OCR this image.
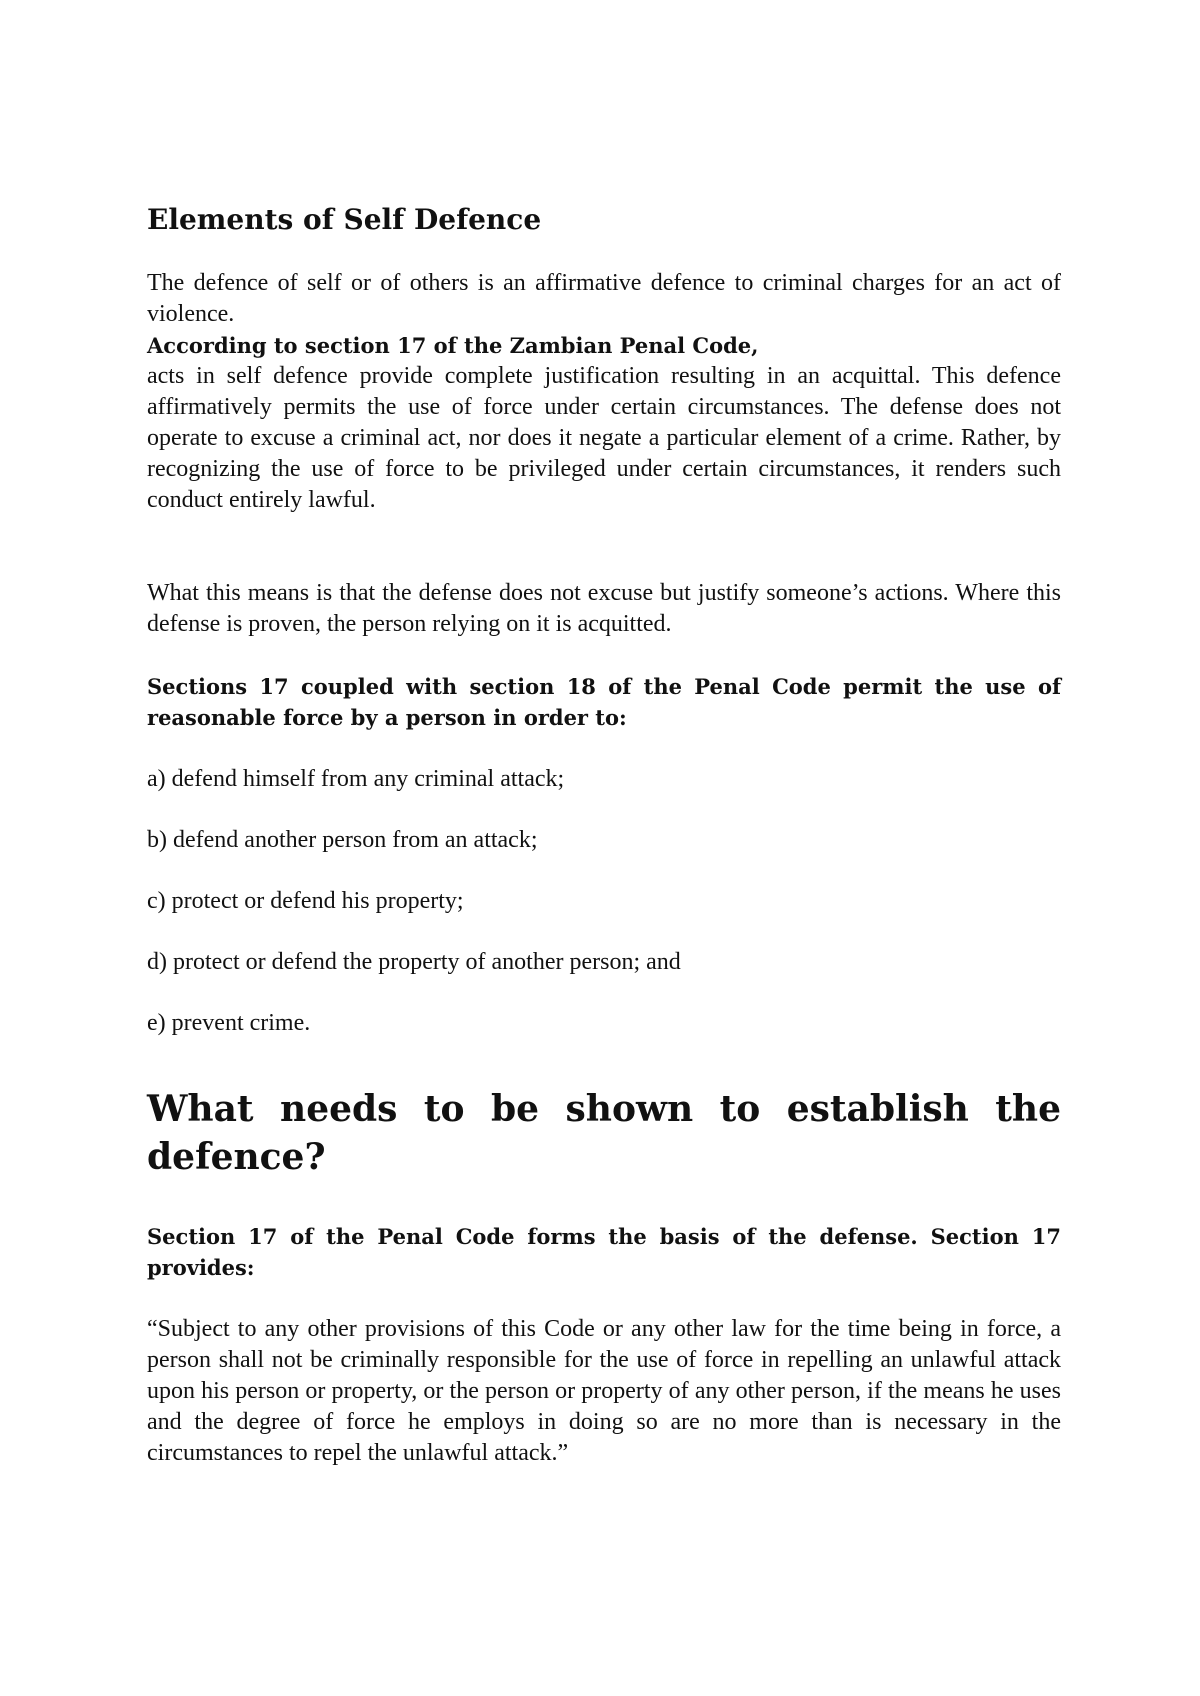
Elements of Self Defence

The defence of self or of others is an affirmative defence to criminal charges for an act of violence.

According to section 17 of the Zambian Penal Code,

acts in self defence provide complete justification resulting in an acquittal. This defence affirmatively permits the use of force under certain circumstances. The defense does not operate to excuse a criminal act, nor does it negate a particular element of a crime. Rather, by recognizing the use of force to be privileged under certain circumstances, it renders such conduct entirely lawful.

What this means is that the defense does not excuse but justify someone’s actions. Where this defense is proven, the person relying on it is acquitted.

Sections 17 coupled with section 18 of the Penal Code permit the use of reasonable force by a person in order to:

a) defend himself from any criminal attack;
b) defend another person from an attack;
c) protect or defend his property;
d) protect or defend the property of another person; and
e) prevent crime.
What needs to be shown to establish the defence?

Section 17 of the Penal Code forms the basis of the defense. Section 17 provides:

“Subject to any other provisions of this Code or any other law for the time being in force, a person shall not be criminally responsible for the use of force in repelling an unlawful attack upon his person or property, or the person or property of any other person, if the means he uses and the degree of force he employs in doing so are no more than is necessary in the circumstances to repel the unlawful attack.”
